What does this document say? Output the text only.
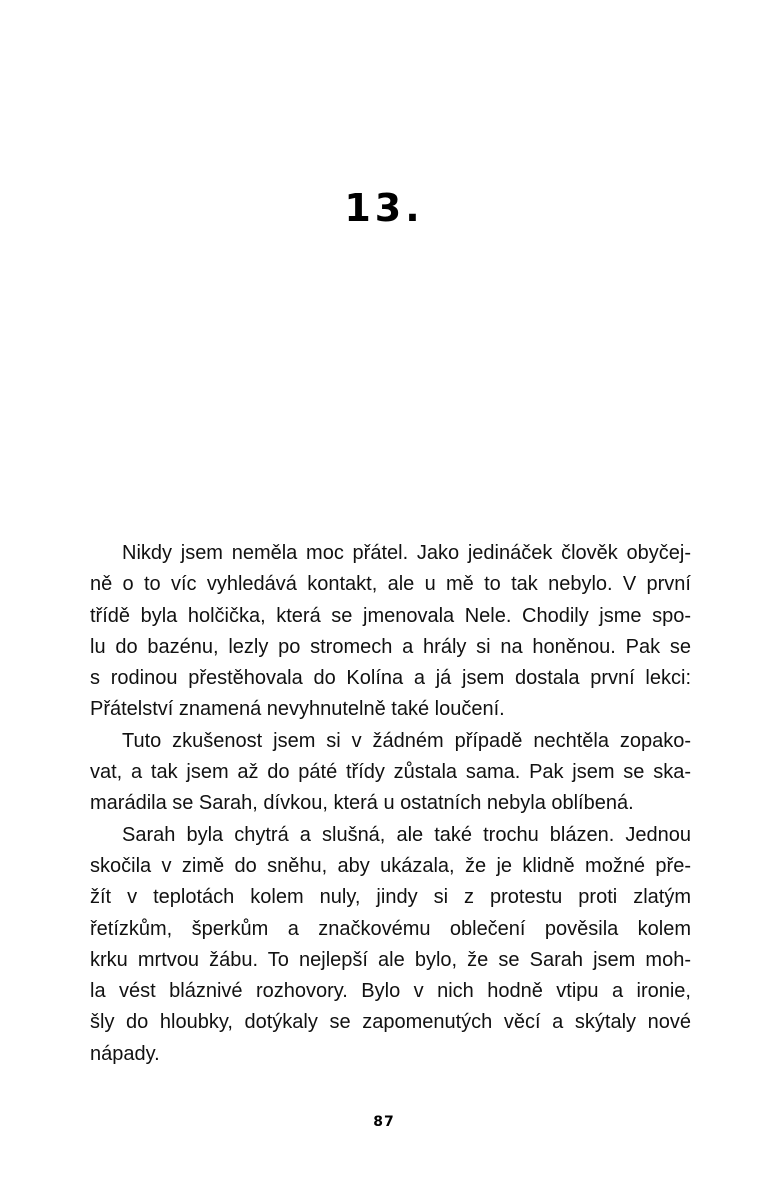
13.
Nikdy jsem neměla moc přátel. Jako jedináček člověk obyčej-
ně o to víc vyhledává kontakt, ale u mě to tak nebylo. V první
třídě byla holčička, která se jmenovala Nele. Chodily jsme spo-
lu do bazénu, lezly po stromech a hrály si na honěnou. Pak se
s rodinou přestěhovala do Kolína a já jsem dostala první lekci:
Přátelství znamená nevyhnutelně také loučení.
Tuto zkušenost jsem si v žádném případě nechtěla zopako-
vat, a tak jsem až do páté třídy zůstala sama. Pak jsem se ska-
marádila se Sarah, dívkou, která u ostatních nebyla oblíbená.
Sarah byla chytrá a slušná, ale také trochu blázen. Jednou
skočila v zimě do sněhu, aby ukázala, že je klidně možné pře-
žít v teplotách kolem nuly, jindy si z protestu proti zlatým
řetízkům, šperkům a značkovému oblečení pověsila kolem
krku mrtvou žábu. To nejlepší ale bylo, že se Sarah jsem moh-
la vést bláznivé rozhovory. Bylo v nich hodně vtipu a ironie,
šly do hloubky, dotýkaly se zapomenutých věcí a skýtaly nové
nápady.
87
